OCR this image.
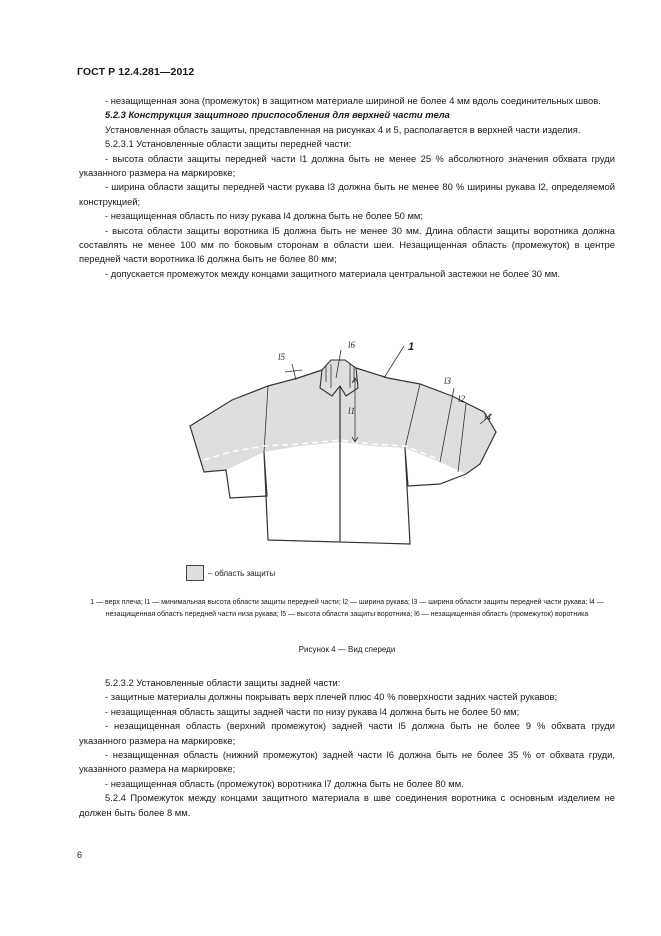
ГОСТ Р 12.4.281—2012

- незащищенная зона (промежуток) в защитном материале шириной не более 4 мм вдоль соединительных швов.

5.2.3 Конструкция защитного приспособления для верхней части тела

Установленная область защиты, представленная на рисунках 4 и 5, располагается в верхней части изделия.

5.2.3.1 Установленные области защиты передней части:

- высота области защиты передней части l1 должна быть не менее 25 % абсолютного значения обхвата груди указанного размера на маркировке;

- ширина области защиты передней части рукава l3 должна быть не менее 80 % ширины рукава l2, определяемой конструкцией;

- незащищенная область по низу рукава l4 должна быть не более 50 мм;

- высота области защиты воротника l5 должна быть не менее 30 мм. Длина области защиты воротника должна составлять не менее 100 мм по боковым сторонам в области шеи. Незащищенная область (промежуток) в центре передней части воротника l6 должна быть не более 80 мм;

- допускается промежуток между концами защитного материала центральной застежки не более 30 мм.

1
l6
l5
l1
l3
l2
l4
– область защиты
1 — верх плеча; l1 — минимальная высота области защиты передней части; l2 — ширина рукава; l3 — ширина области защиты передней части рукава; l4 — незащищенная область передней части низа рукава; l5 — высота области защиты воротника; l6 — незащищенная область (промежуток) воротника
Рисунок 4 — Вид спереди

5.2.3.2 Установленные области защиты задней части:

- защитные материалы должны покрывать верх плечей плюс 40 % поверхности задних частей рукавов;

- незащищенная область защиты задней части по низу рукава l4 должна быть не более 50 мм;

- незащищенная область (верхний промежуток) задней части l5 должна быть не более 9 % обхвата груди указанного размера на маркировке;

- незащищенная область (нижний промежуток) задней части l6 должна быть не более 35 % от обхвата груди, указанного размера на маркировке;

- незащищенная область (промежуток) воротника l7 должна быть не более 80 мм.

5.2.4 Промежуток между концами защитного материала в шве соединения воротника с основным изделием не должен быть более 8 мм.

6
